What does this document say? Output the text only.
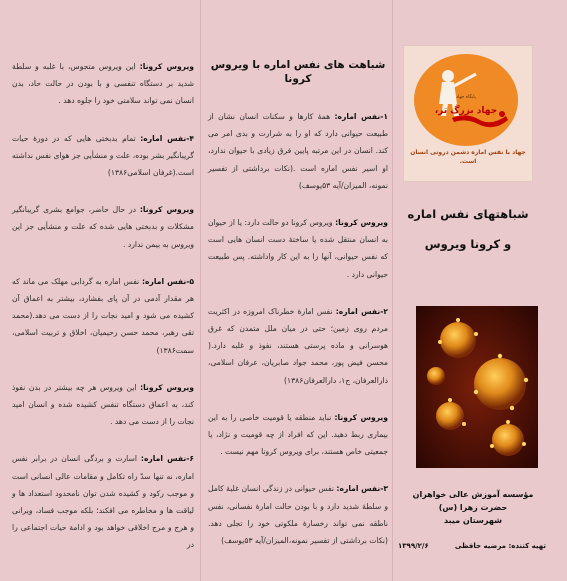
ویروس کرونا: این ویروس متجوس، با غلبه و سلطة شدید بر دستگاه تنفسی و با بودن در حالت حاد، بدن انسان نمی تواند سلامتی خود را جلوه دهد .

۴-نفس اماره: تمام بدبختی هایی که در دورهٔ حیات گریبانگیر بشر بوده، علت و منشأیی جز هوای نفس نداشته است.(غرفان اسلامی۱۳۸۶)

ویروس کرونا: در حال حاضر، جوامع بشری گریبانگیر مشکلات و بدبختی هایی شده که علت و منشأیی جز این ویروس به بیمن ندارد .

۵-نفس اماره: نفس اماره به گردابی مهلک می ماند که هر مقدار آدمی در آن پای بفشارد، بیشتر به اعماق آن کشیده می شود و امید نجات را از دست می دهد.(محمد تقی رهبر، محمد حسن رحیمیان، اخلاق و تربیت اسلامی، سمت۱۳۸۶)

ویروس کرونا: این ویروس هر چه بیشتر در بدن نفوذ کند، به اعماق دستگاه تنفس کشیده شده و انسان امید نجات را از دست می دهد .

۶-نفس اماره: اسارت و بردگی انسان در برابر نفس اماره، نه تنها سدّ راه تکامل و مقامات عالی انسانی است و موجب رکود و کشیده شدن توان نامحدود استعداد ها و لیاقت ها و مخاطره می افکند؛ بلکه موجب فساد، ویرانی و هرج و مرج اخلاقی خواهد بود و ادامة حیات اجتماعی را در

شباهت های نفس اماره با ویروس کرونا

۱-نفس اماره: همهٔ کارها و سکنات انسان نشان از طبیعت حیوانی دارد که او را به شرارت و بدی امر می کند. انسان در این مرتبه پایین فرق زیادی با حیوان ندارد، او اسیر نفس اماره است .(نکات برداشتی از تفسیر نمونه، المیزان/آیه ۵۳یوسف)

ویروس کرونا: ویروس کرونا دو حالت دارد: یا از حیوان به انسان منتقل شده یا ساختهٔ دست انسان هایی است که نفس حیوانی، آنها را به این کار واداشته. پس طبیعت حیوانی دارد .

۲-نفس اماره: نفس امارهٔ خطرناک امروزه در اکثریت مردم روی زمین؛ حتی در میان ملل متمدن که غرق هوسرانی و ماده پرستی هستند، نفوذ و غلبه دارد.( محسن فیض پور، محمد جواد صابریان، عرفان اسلامی، دارالعرفان، ج۱، دارالعرفان۱۳۸۶)

ویروس کرونا: نباید منطقه یا قومیت خاصی را به این بیماری ربط دهید. این که افراد از چه قومیت و نژاد، یا جمعیتی خاص هستند، برای ویروس کرونا مهم نیست .

۳-نفس اماره: نفس حیوانی در زندگی انسان غلبهٔ کامل و سلطهٔ شدید دارد و با بودن حالت امارهٔ نفسانی، نفس ناطقه نمی تواند رخسارهٔ ملکوتی خود را تجلی دهد. (نکات برداشتی از تفسیر نمونه،المیزان/آیه ۵۳یوسف)

پایگاه جهاد
جهاد بزرگ تر،
جهاد با نفس اماره دشمن درونی انسان است.
شباهتهای نفس اماره
و کرونا ویروس
مؤسسه آموزش عالی خواهران حضرت زهرا (س)
شهرستان میبد
تهیه کننده: مرضیه حافظی
۱۳۹۹/۲/۶
